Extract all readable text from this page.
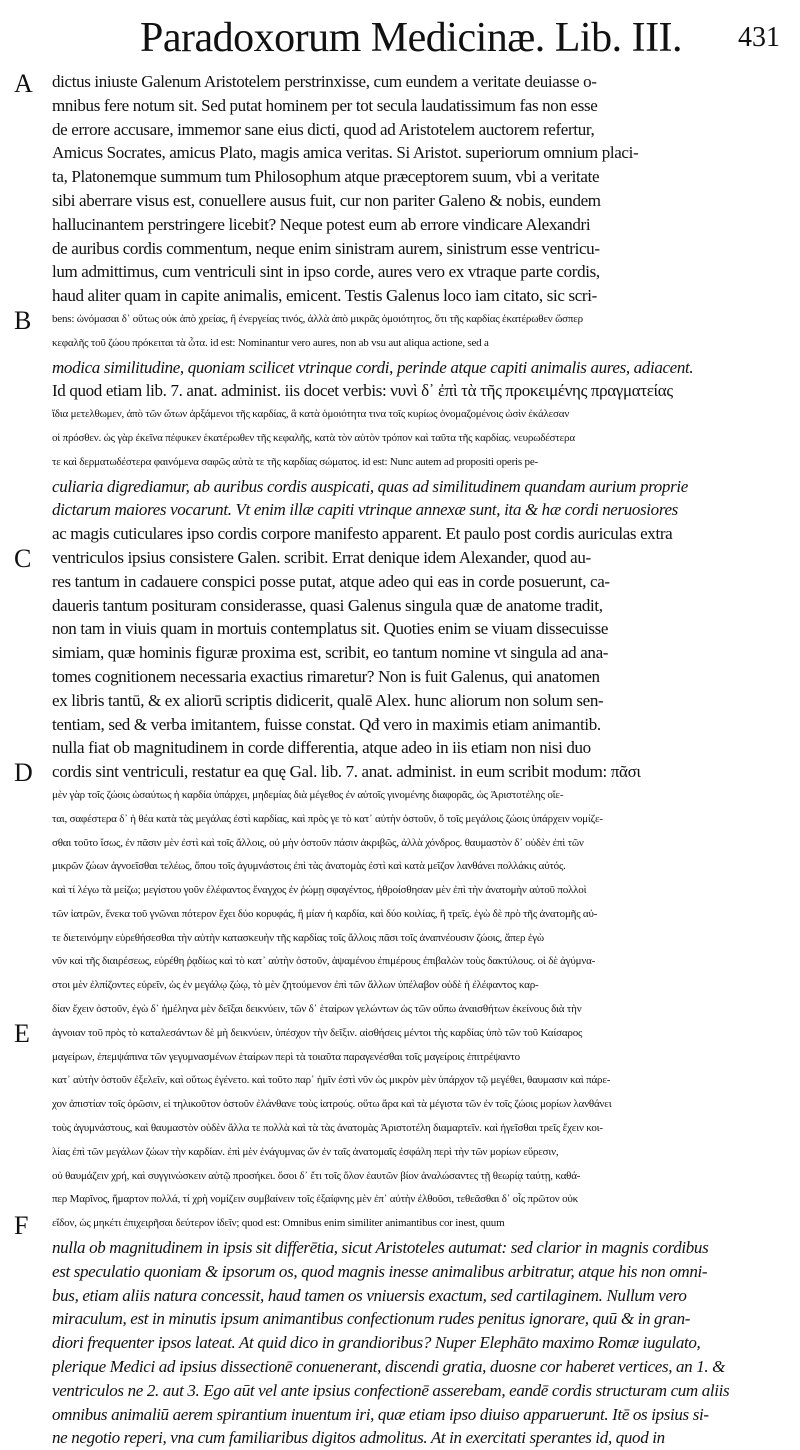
Paradoxorum Medicinæ. Lib. III. 431
A
B
C
D
E
F
dictus iniuste Galenum Aristotelem perstrinxisse, cum eundem a veritate deuiasse o-
mnibus fere notum sit. Sed putat hominem per tot secula laudatissimum fas non esse
de errore accusare, immemor sane eius dicti, quod ad Aristotelem auctorem refertur,
Amicus Socrates, amicus Plato, magis amica veritas. Si Aristot. superiorum omnium placi-
ta, Platonemque summum tum Philosophum atque præceptorem suum, vbi a veritate
sibi aberrare visus est, conuellere ausus fuit, cur non pariter Galeno & nobis, eundem
hallucinantem perstringere licebit? Neque potest eum ab errore vindicare Alexandri
de auribus cordis commentum, neque enim sinistram aurem, sinistrum esse ventricu-
lum admittimus, cum ventriculi sint in ipso corde, aures vero ex vtraque parte cordis,
haud aliter quam in capite animalis, emicent. Testis Galenus loco iam citato, sic scri-
bens: ὠνόμασαι δ᾽ οὕτως οὐκ ἀπὸ χρείας, ἢ ἐνεργείας τινός, ἀλλὰ ἀπὸ μικρᾶς ὁμοιότητος, ὅτι τῆς καρδίας ἑκατέρωθεν ὥσπερ
κεφαλῆς τοῦ ζώου πρόκειται τὰ ὦτα. id est: Nominantur vero aures, non ab vsu aut aliqua actione, sed a
modica similitudine, quoniam scilicet vtrinque cordi, perinde atque capiti animalis aures, adiacent.
Id quod etiam lib. 7. anat. administ. iis docet verbis: νυνὶ δ᾽ ἐπὶ τὰ τῆς προκειμένης πραγματείας
ἴδια μετελθωμεν, ἀπὸ τῶν ὤτων ἀρξάμενοι τῆς καρδίας, ἃ κατὰ ὁμοιότητα τινα τοῖς κυρίως ὀνομαζομένοις ὠσὶν ἐκάλεσαν
οἱ πρόσθεν. ὡς γὰρ ἐκεῖνα πέφυκεν ἑκατέρωθεν τῆς κεφαλῆς, κατὰ τὸν αὐτὸν τρόπον καὶ ταῦτα τῆς καρδίας. νευρωδέστερα
τε καὶ δερματωδέστερα φαινόμενα σαφῶς αὐτὰ τε τῆς καρδίας σώματος. id est: Nunc autem ad propositi operis pe-
culiaria digrediamur, ab auribus cordis auspicati, quas ad similitudinem quandam aurium proprie
dictarum maiores vocarunt. Vt enim illæ capiti vtrinque annexæ sunt, ita & hæ cordi neruosiores
ac magis cuticulares ipso cordis corpore manifesto apparent. Et paulo post cordis auriculas extra
ventriculos ipsius consistere Galen. scribit. Errat denique idem Alexander, quod au-
res tantum in cadauere conspici posse putat, atque adeo qui eas in corde posuerunt, ca-
daueris tantum posituram considerasse, quasi Galenus singula quæ de anatome tradit,
non tam in viuis quam in mortuis contemplatus sit. Quoties enim se viuam dissecuisse
simiam, quæ hominis figuræ proxima est, scribit, eo tantum nomine vt singula ad ana-
tomes cognitionem necessaria exactius rimaretur? Non is fuit Galenus, qui anatomen
ex libris tantū, & ex aliorū scriptis didicerit, qualē Alex. hunc aliorum non solum sen-
tentiam, sed & verba imitantem, fuisse constat. Qđ vero in maximis etiam animantib.
nulla fiat ob magnitudinem in corde differentia, atque adeo in iis etiam non nisi duo
cordis sint ventriculi, restatur ea quę Gal. lib. 7. anat. administ. in eum scribit modum: πᾶσι
μὲν γὰρ τοῖς ζώοις ὡσαύτως ἡ καρδία ὑπάρχει, μηδεμίας διὰ μέγεθος ἐν αὐτοῖς γινομένης διαφορᾶς, ὡς Ἀριστοτέλης οἴε-
ται, σαφέστερα δ᾽ ἡ θέα κατὰ τὰς μεγάλας ἐστὶ καρδίας, καὶ πρὸς γε τὸ κατ᾽ αὐτὴν ὀστοῦν, ὅ τοῖς μεγάλοις ζώοις ὑπάρχειν νομίζε-
σθαι τοῦτο ἴσως, ἐν πᾶσιν μὲν ἐστὶ καὶ τοῖς ἄλλοις, οὐ μὴν ὀστοῦν πάσιν ἀκριβῶς, ἀλλὰ χόνδρος. θαυμαστὸν δ᾽ οὐδὲν ἐπὶ τῶν
μικρῶν ζώων ἀγνοεῖσθαι τελέως, ὅπου τοῖς ἀγυμνάστοις ἐπὶ τὰς ἀνατομὰς ἐστὶ καὶ κατὰ μεῖζον λανθάνει πολλάκις αὐτός.
καὶ τί λέγω τὰ μείζω; μεγίστου γοῦν ἐλέφαντος ἔναγχος ἐν ῥώμῃ σφαγέντος, ἠθροίσθησαν μὲν ἐπὶ τὴν ἀνατομὴν αὐτοῦ πολλοὶ
τῶν ἰατρῶν, ἕνεκα τοῦ γνῶναι πότερον ἔχει δύο κορυφάς, ἢ μίαν ἡ καρδία, καὶ δύο κοιλίας, ἢ τρεῖς. ἐγὼ δὲ πρὸ τῆς ἀνατομῆς αὐ-
τε διετεινόμην εὑρεθήσεσθαι τὴν αὐτὴν κατασκευὴν τῆς καρδίας τοῖς ἄλλοις πᾶσι τοῖς ἀναπνέουσιν ζώοις, ἅπερ ἐγὼ
νῦν καὶ τῆς διαιρέσεως, εὑρέθη ῥᾳδίως καὶ τὸ κατ᾽ αὐτὴν ὀστοῦν, ἁψαμένου ἐπιμέρους ἐπιβαλὼν τοὺς δακτύλους. οἱ δὲ ἀγύμνα-
στοι μὲν ἐλπίζοντες εὑρεῖν, ὡς ἐν μεγάλῳ ζώῳ, τὸ μὲν ζητούμενον ἐπὶ τῶν ἄλλων ὑπέλαβον οὐδὲ ἡ ἐλέφαντος καρ-
δίαν ἔχειν ὀστοῦν, ἐγὼ δ᾽ ἠμέληνα μὲν δεῖξαι δεικνύειν, τῶν δ᾽ ἑταίρων γελώντων ὡς τῶν οὔπω ἀναισθήτων ἐκείνους διὰ τὴν
ἀγνοιαν τοῦ πρὸς τὸ καταλεσάντων δὲ μὴ δεικνύειν, ὑπέσχον τὴν δεῖξιν. αἰσθήσεις μέντοι τὴς καρδίας ὑπὸ τῶν τοῦ Καίσαρος
μαγείρων, ἐπεμψάπινα τῶν γεγυμνασμένων ἑταίρων περὶ τὰ τοιαῦτα παραγενέσθαι τοῖς μαγείροις ἐπιτρέψαντο
κατ᾽ αὐτὴν ὀστοῦν ἐξελεῖν, καὶ οὕτως ἐγένετο. καὶ τοῦτο παρ᾽ ἡμῖν ἐστὶ νῦν ὡς μικρὸν μὲν ὑπάρχον τῷ μεγέθει, θαυμασιν καὶ πάρε-
χον ἀπιστίαν τοῖς ὁρῶσιν, εἰ τηλικοῦτον ὀστοῦν ἐλάνθανε τοὺς ἰατρούς. οὕτω ἄρα καὶ τὰ μέγιστα τῶν ἐν τοῖς ζώοις μορίων λανθάνει
τοὺς ἀγυμνάστους, καὶ θαυμαστὸν οὐδὲν ἄλλα τε πολλὰ καὶ τὰ τὰς ἀνατομὰς Ἀριστοτέλη διαμαρτεῖν. καὶ ἡγεῖσθαι τρεῖς ἔχειν κοι-
λίας ἐπὶ τῶν μεγάλων ζώων τὴν καρδίαν. ἐπὶ μὲν ἐνάγυμνας ὤν ἐν ταῖς ἀνατομαῖς ἐσφάλη περὶ τὴν τῶν μορίων εὕρεσιν,
οὐ θαυμάζειν χρή, καὶ συγγινώσκειν αὐτῷ προσήκει. ὅσοι δ᾽ ἔτι τοῖς ὅλον ἑαυτῶν βίον ἀναλώσαντες τῇ θεωρίᾳ ταύτῃ, καθά-
περ Μαρῖνος, ἥμαρτον πολλά, τί χρὴ νομίζειν συμβαίνειν τοῖς ἐξαίφνης μὲν ἐπ᾽ αὐτὴν ἐλθοῦσι, τεθεᾶσθαι δ᾽ οἷς πρῶτον οὐκ
εἴδον, ὡς μηκέτι ἐπιχειρῆσαι δεύτερον ἰδεῖν; quod est: Omnibus enim similiter animantibus cor inest, quum
nulla ob magnitudinem in ipsis sit differētia, sicut Aristoteles autumat: sed clarior in magnis cordibus
est speculatio quoniam & ipsorum os, quod magnis inesse animalibus arbitratur, atque his non omni-
bus, etiam aliis natura concessit, haud tamen os vniuersis exactum, sed cartilaginem. Nullum vero
miraculum, est in minutis ipsum animantibus confectionum rudes penitus ignorare, quū & in gran-
diori frequenter ipsos lateat. At quid dico in grandioribus? Nuper Elephāto maximo Romæ iugulato,
plerique Medici ad ipsius dissectionē conuenerant, discendi gratia, duosne cor haberet vertices, an 1. &
ventriculos ne 2. aut 3. Ego aūt vel ante ipsius confectionē asserebam, eandē cordis structuram cum aliis
omnibus animaliū aerem spirantium inuentum iri, quæ etiam ipso diuiso apparuerunt. Itē os ipsius si-
ne negotio reperi, vna cum familiaribus digitos admolitus. At in exercitati sperantes id, quod in
